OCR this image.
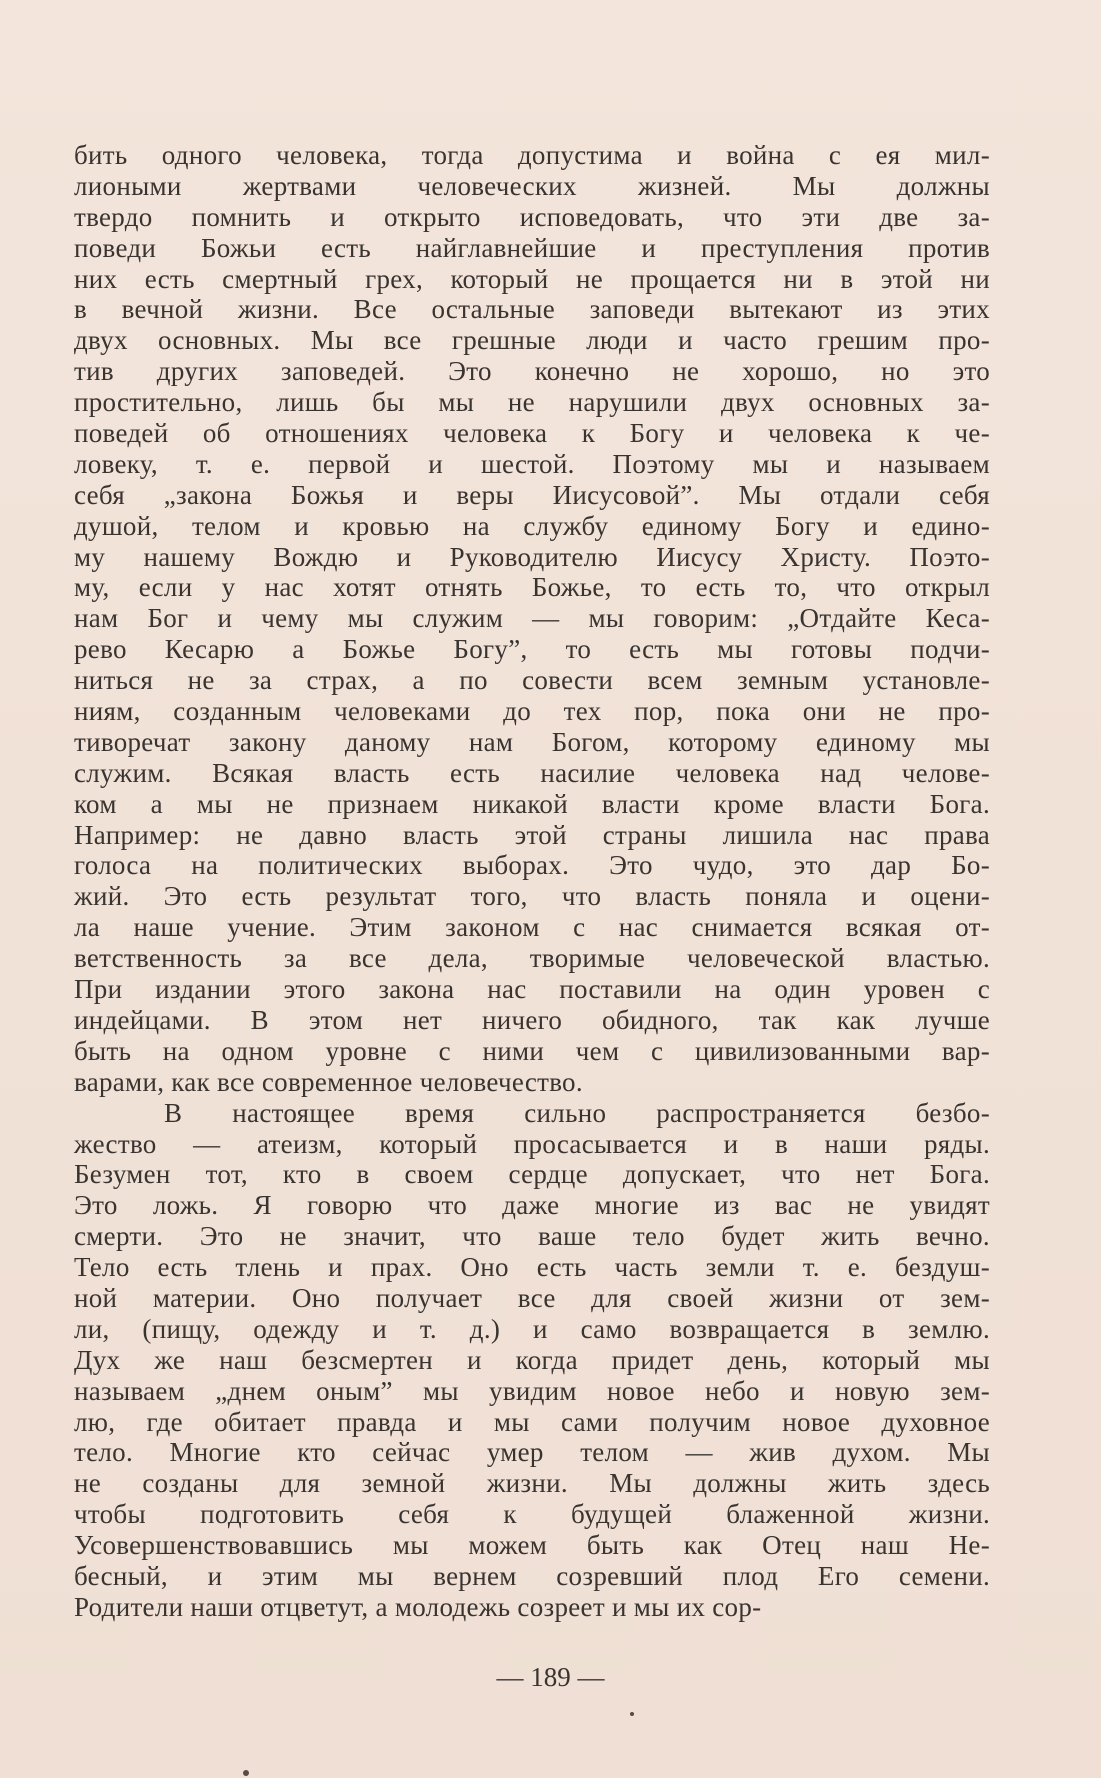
бить одного человека, тогда допустима и война с ея мил-
лиоными жертвами человеческих жизней. Мы должны
твердо помнить и открыто исповедовать, что эти две за-
поведи Божьи есть найглавнейшие и преступления против
них есть смертный грех, который не прощается ни в этой ни
в вечной жизни. Все остальные заповеди вытекают из этих
двух основных. Мы все грешные люди и часто грешим про-
тив других заповедей. Это конечно не хорошо, но это
простительно, лишь бы мы не нарушили двух основных за-
поведей об отношениях человека к Богу и человека к че-
ловеку, т. е. первой и шестой. Поэтому мы и называем
себя „закона Божья и веры Иисусовой”. Мы отдали себя
душой, телом и кровью на службу единому Богу и едино-
му нашему Вождю и Руководителю Иисусу Христу. Поэто-
му, если у нас хотят отнять Божье, то есть то, что открыл
нам Бог и чему мы служим — мы говорим: „Отдайте Кеса-
рево Кесарю а Божье Богу”, то есть мы готовы подчи-
ниться не за страх, а по совести всем земным установле-
ниям, созданным человеками до тех пор, пока они не про-
тиворечат закону даному нам Богом, которому единому мы
служим. Всякая власть есть насилие человека над челове-
ком а мы не признаем никакой власти кроме власти Бога.
Например: не давно власть этой страны лишила нас права
голоса на политических выборах. Это чудо, это дар Бо-
жий. Это есть результат того, что власть поняла и оцени-
ла наше учение. Этим законом с нас снимается всякая от-
ветственность за все дела, творимые человеческой властью.
При издании этого закона нас поставили на один уровен с
индейцами. В этом нет ничего обидного, так как лучше
быть на одном уровне с ними чем с цивилизованными вар-
варами, как все современное человечество.
В настоящее время сильно распространяется безбо-
жество — атеизм, который просасывается и в наши ряды.
Безумен тот, кто в своем сердце допускает, что нет Бога.
Это ложь. Я говорю что даже многие из вас не увидят
смерти. Это не значит, что ваше тело будет жить вечно.
Тело есть тлень и прах. Оно есть часть земли т. е. бездуш-
ной материи. Оно получает все для своей жизни от зем-
ли, (пищу, одежду и т. д.) и само возвращается в землю.
Дух же наш безсмертен и когда придет день, который мы
называем „днем оным” мы увидим новое небо и новую зем-
лю, где обитает правда и мы сами получим новое духовное
тело. Многие кто сейчас умер телом — жив духом. Мы
не созданы для земной жизни. Мы должны жить здесь
чтобы подготовить себя к будущей блаженной жизни.
Усовершенствовавшись мы можем быть как Отец наш Не-
бесный, и этим мы вернем созревший плод Его семени.
Родители наши отцветут, а молодежь созреет и мы их сор-
— 189 —
